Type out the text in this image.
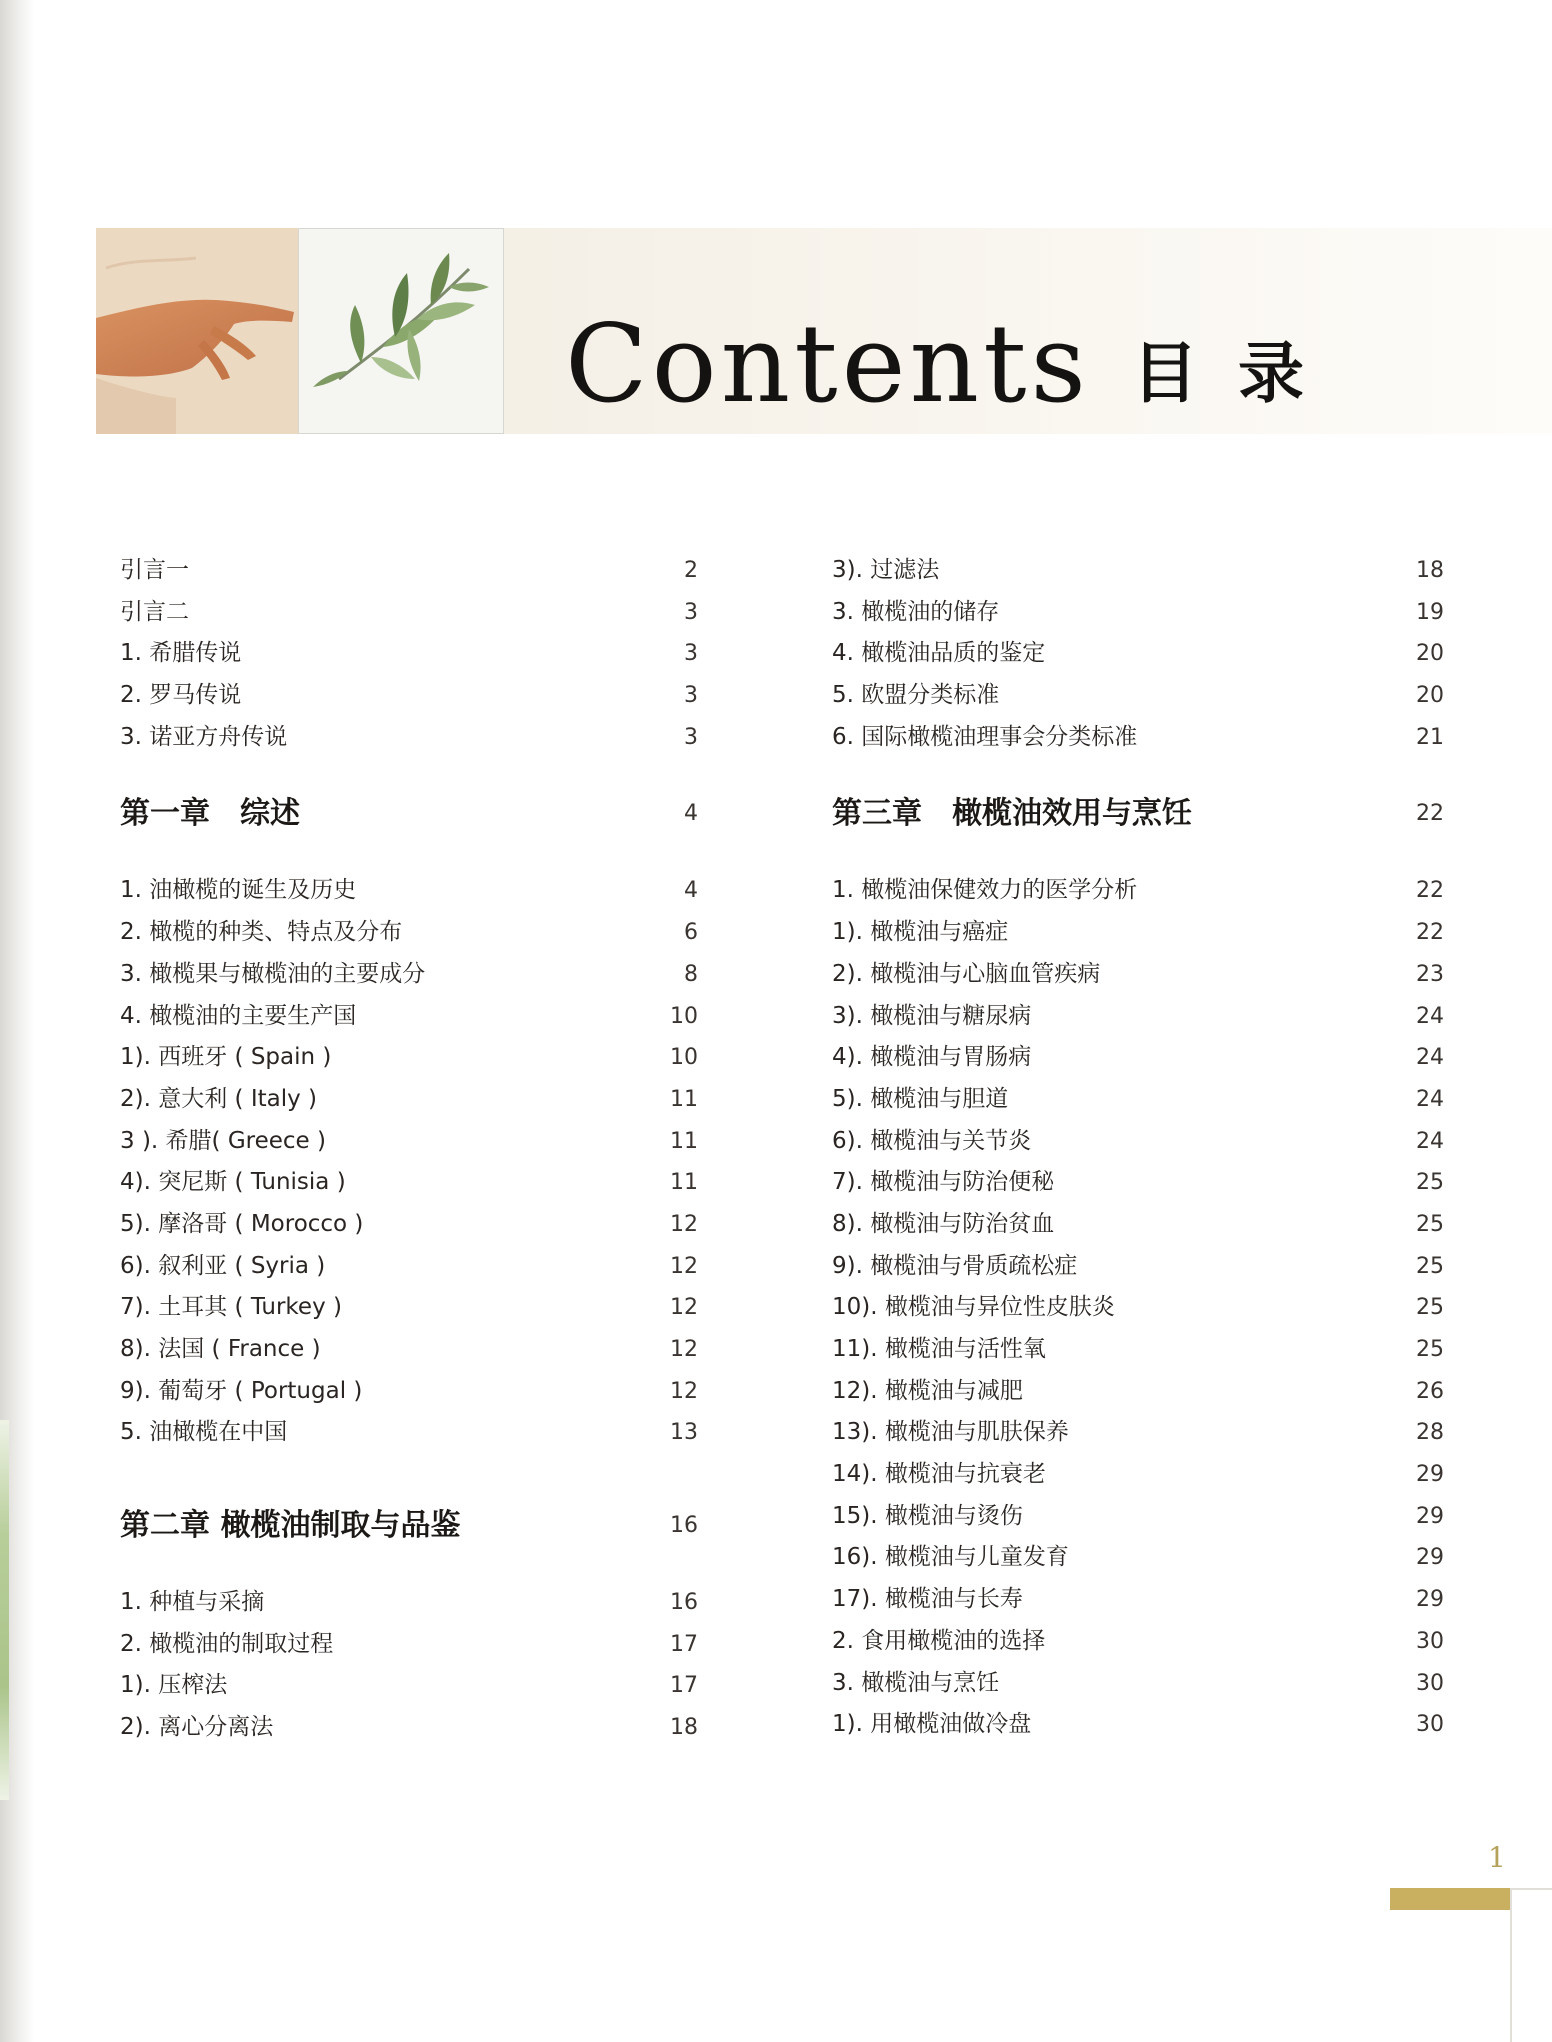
Contents 目录
引言一	2
引言二	3
1. 希腊传说	3
2. 罗马传说	3
3. 诺亚方舟传说	3
第一章　综述	4
1. 油橄榄的诞生及历史	4
2. 橄榄的种类、特点及分布	6
3. 橄榄果与橄榄油的主要成分	8
4. 橄榄油的主要生产国	10
1). 西班牙 ( Spain )	10
2). 意大利 ( Italy )	11
3 ). 希腊( Greece )	11
4). 突尼斯 ( Tunisia )	11
5). 摩洛哥 ( Morocco )	12
6). 叙利亚 ( Syria )	12
7). 土耳其 ( Turkey )	12
8). 法国 ( France )	12
9). 葡萄牙 ( Portugal )	12
5. 油橄榄在中国	13
第二章 橄榄油制取与品鉴	16
1. 种植与采摘	16
2. 橄榄油的制取过程	17
1). 压榨法	17
2). 离心分离法	18
3). 过滤法	18
3. 橄榄油的储存	19
4. 橄榄油品质的鉴定	20
5. 欧盟分类标准	20
6. 国际橄榄油理事会分类标准	21
第三章　橄榄油效用与烹饪	22
1. 橄榄油保健效力的医学分析	22
1). 橄榄油与癌症	22
2). 橄榄油与心脑血管疾病	23
3). 橄榄油与糖尿病	24
4). 橄榄油与胃肠病	24
5). 橄榄油与胆道	24
6). 橄榄油与关节炎	24
7). 橄榄油与防治便秘	25
8). 橄榄油与防治贫血	25
9). 橄榄油与骨质疏松症	25
10). 橄榄油与异位性皮肤炎	25
11). 橄榄油与活性氧	25
12). 橄榄油与减肥	26
13). 橄榄油与肌肤保养	28
14). 橄榄油与抗衰老	29
15). 橄榄油与烫伤	29
16). 橄榄油与儿童发育	29
17). 橄榄油与长寿	29
2. 食用橄榄油的选择	30
3. 橄榄油与烹饪	30
1). 用橄榄油做冷盘	30
1
